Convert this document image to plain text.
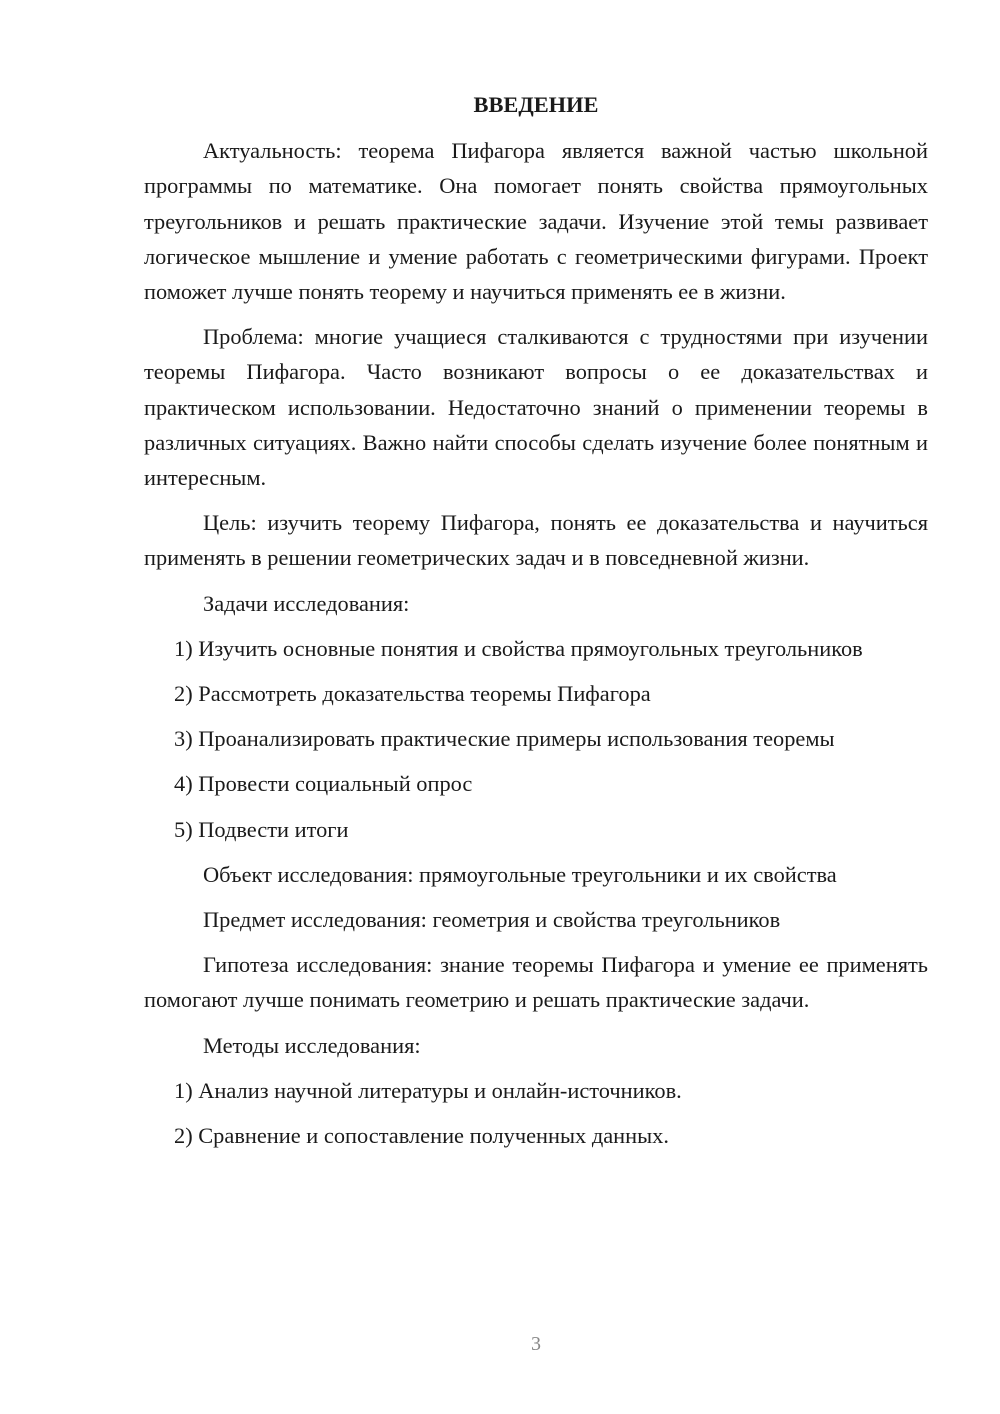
ВВЕДЕНИЕ

Актуальность: теорема Пифагора является важной частью школьной программы по математике. Она помогает понять свойства прямоугольных треугольников и решать практические задачи. Изучение этой темы развивает логическое мышление и умение работать с геометрическими фигурами. Проект поможет лучше понять теорему и научиться применять ее в жизни.

Проблема: многие учащиеся сталкиваются с трудностями при изучении теоремы Пифагора. Часто возникают вопросы о ее доказательствах и практическом использовании. Недостаточно знаний о применении теоремы в различных ситуациях. Важно найти способы сделать изучение более понятным и интересным.

Цель: изучить теорему Пифагора, понять ее доказательства и научиться применять в решении геометрических задач и в повседневной жизни.

Задачи исследования:

1) Изучить основные понятия и свойства прямоугольных треугольников

2) Рассмотреть доказательства теоремы Пифагора

3) Проанализировать практические примеры использования теоремы

4) Провести социальный опрос

5) Подвести итоги

Объект исследования: прямоугольные треугольники и их свойства

Предмет исследования: геометрия и свойства треугольников

Гипотеза исследования: знание теоремы Пифагора и умение ее применять помогают лучше понимать геометрию и решать практические задачи.

Методы исследования:

1) Анализ научной литературы и онлайн-источников.

2) Сравнение и сопоставление полученных данных.

3
